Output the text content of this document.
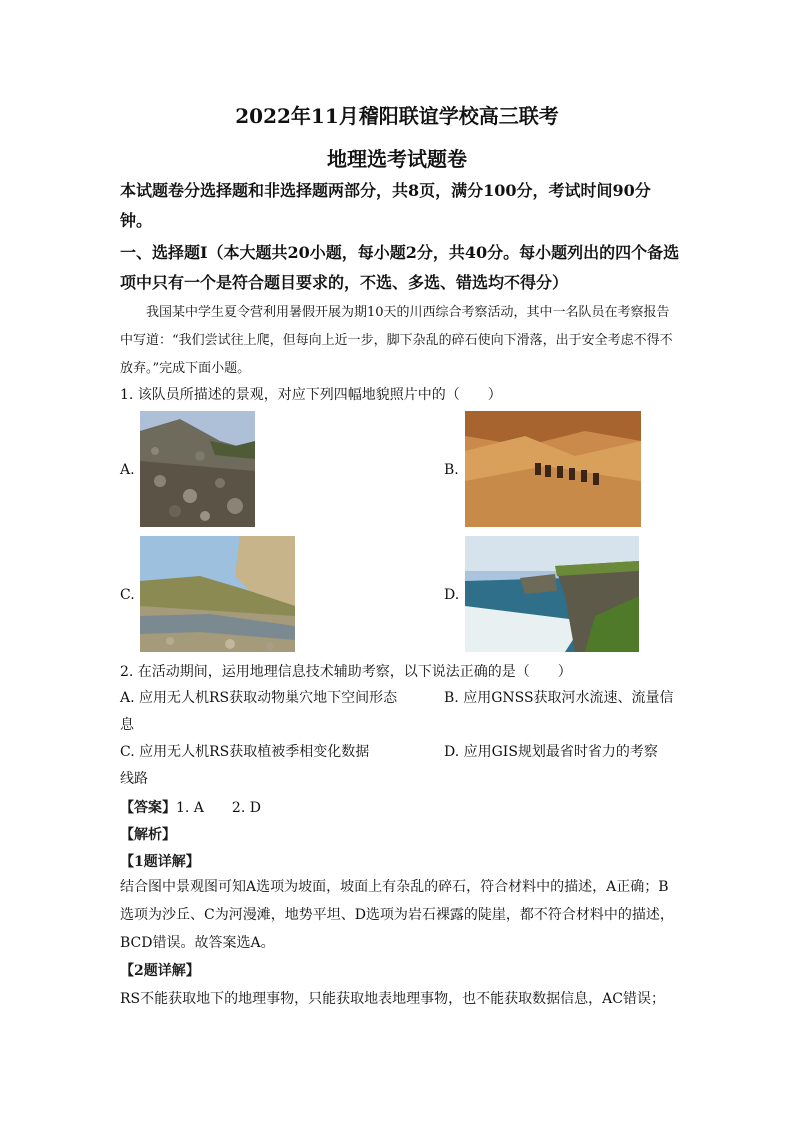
2022年11月稽阳联谊学校高三联考
地理选考试题卷
本试题卷分选择题和非选择题两部分，共8页，满分100分，考试时间90分钟。
一、选择题Ⅰ（本大题共20小题，每小题2分，共40分。每小题列出的四个备选项中只有一个是符合题目要求的，不选、多选、错选均不得分）
我国某中学生夏令营利用暑假开展为期10天的川西综合考察活动，其中一名队员在考察报告中写道：“我们尝试往上爬，但每向上近一步，脚下杂乱的碎石使向下滑落，出于安全考虑不得不放弃。”完成下面小题。
1. 该队员所描述的景观，对应下列四幅地貌照片中的（　　）
A.	B.
C.	D.
2. 在活动期间，运用地理信息技术辅助考察，以下说法正确的是（　　）
A. 应用无人机RS获取动物巢穴地下空间形态	B. 应用GNSS获取河水流速、流量信
息
C. 应用无人机RS获取植被季相变化数据	D. 应用GIS规划最省时省力的考察
线路
【答案】1. A　　2. D
【解析】
【1题详解】
结合图中景观图可知A选项为坡面，坡面上有杂乱的碎石，符合材料中的描述，A正确；B选项为沙丘、C为河漫滩，地势平坦、D选项为岩石裸露的陡崖，都不符合材料中的描述，BCD错误。故答案选A。
【2题详解】
RS不能获取地下的地理事物，只能获取地表地理事物，也不能获取数据信息，AC错误；
